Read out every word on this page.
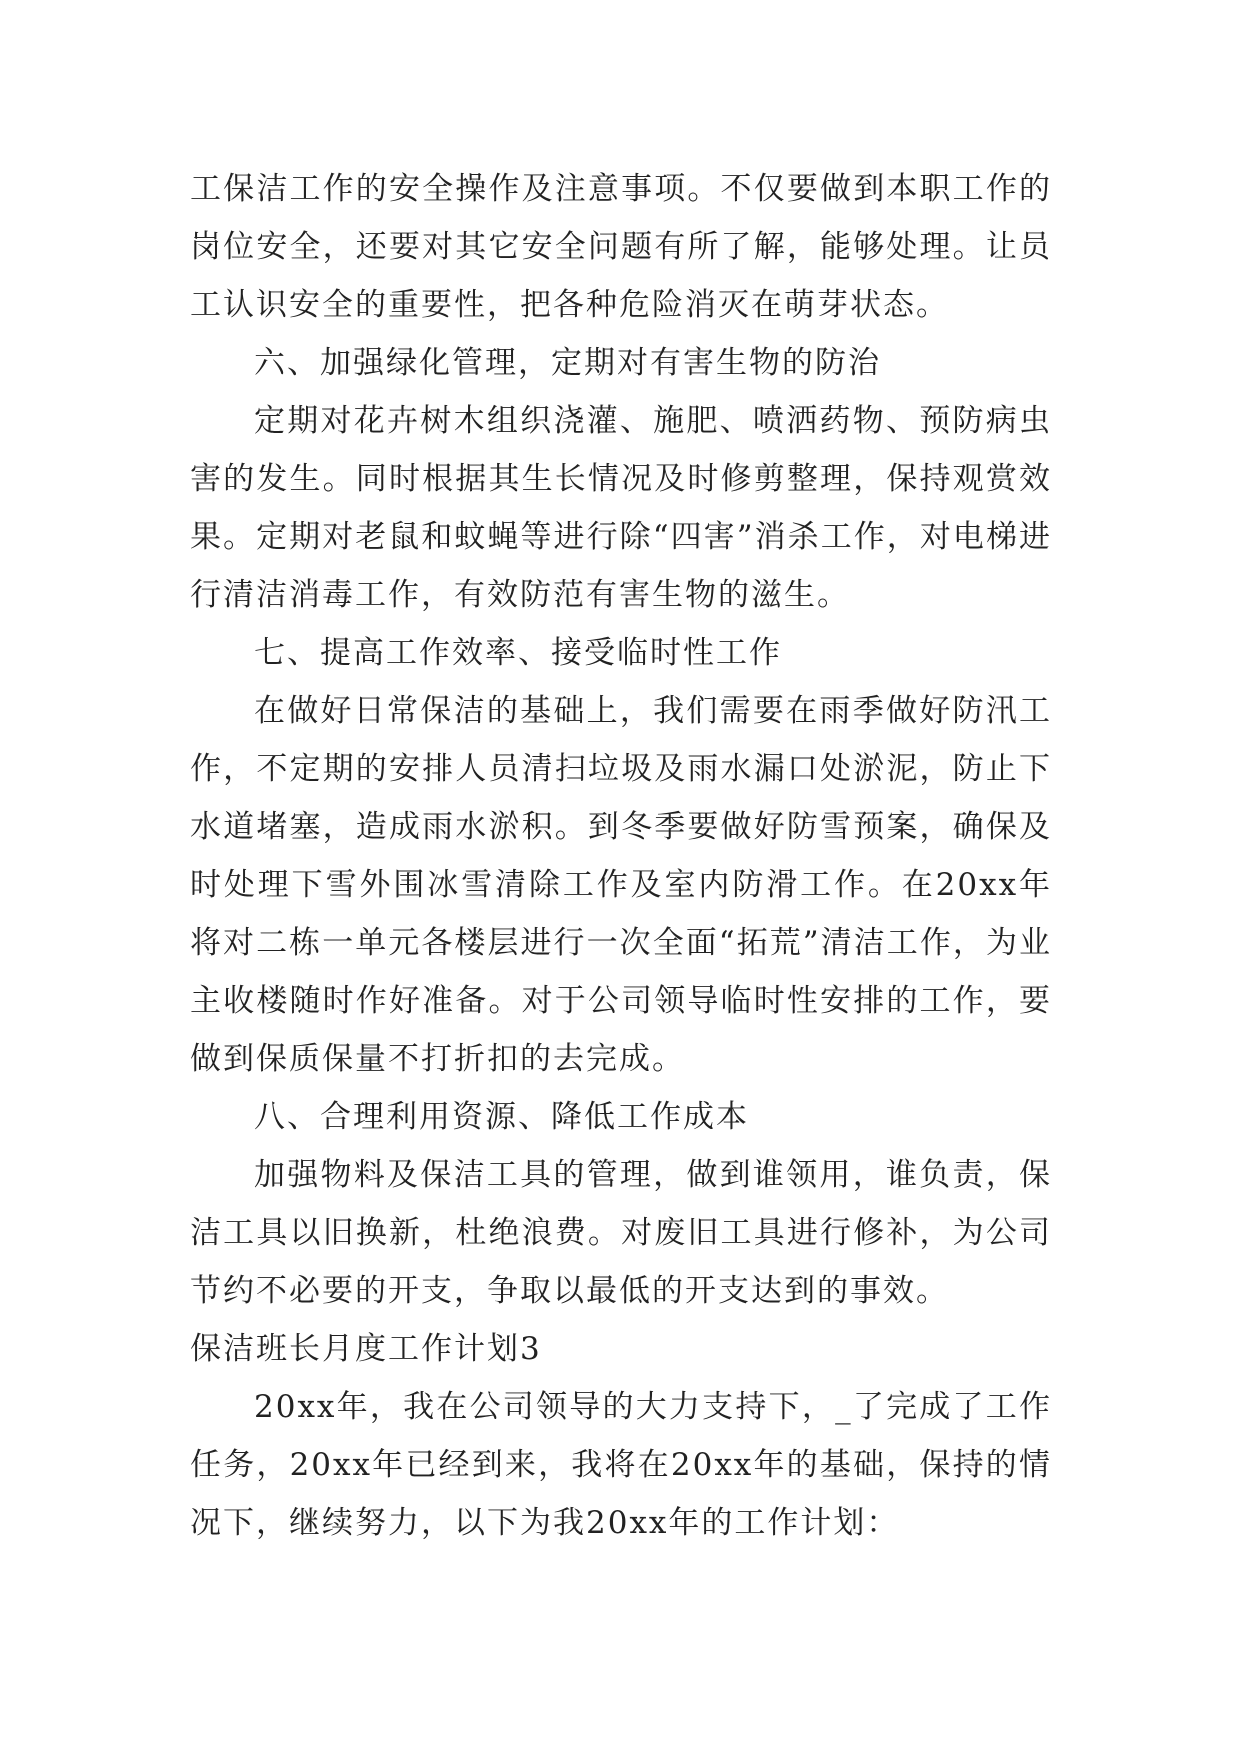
工保洁工作的安全操作及注意事项。不仅要做到本职工作的岗位安全，还要对其它安全问题有所了解，能够处理。让员工认识安全的重要性，把各种危险消灭在萌芽状态。

六、加强绿化管理，定期对有害生物的防治

定期对花卉树木组织浇灌、施肥、喷洒药物、预防病虫害的发生。同时根据其生长情况及时修剪整理，保持观赏效果。定期对老鼠和蚊蝇等进行除“四害”消杀工作，对电梯进行清洁消毒工作，有效防范有害生物的滋生。

七、提高工作效率、接受临时性工作

在做好日常保洁的基础上，我们需要在雨季做好防汛工作，不定期的安排人员清扫垃圾及雨水漏口处淤泥，防止下水道堵塞，造成雨水淤积。到冬季要做好防雪预案，确保及时处理下雪外围冰雪清除工作及室内防滑工作。在20xx年将对二栋一单元各楼层进行一次全面“拓荒”清洁工作，为业主收楼随时作好准备。对于公司领导临时性安排的工作，要做到保质保量不打折扣的去完成。

八、合理利用资源、降低工作成本

加强物料及保洁工具的管理，做到谁领用，谁负责，保洁工具以旧换新，杜绝浪费。对废旧工具进行修补，为公司节约不必要的开支，争取以最低的开支达到的事效。

保洁班长月度工作计划3

20xx年，我在公司领导的大力支持下，_了完成了工作任务，20xx年已经到来，我将在20xx年的基础，保持的情况下，继续努力，以下为我20xx年的工作计划：
